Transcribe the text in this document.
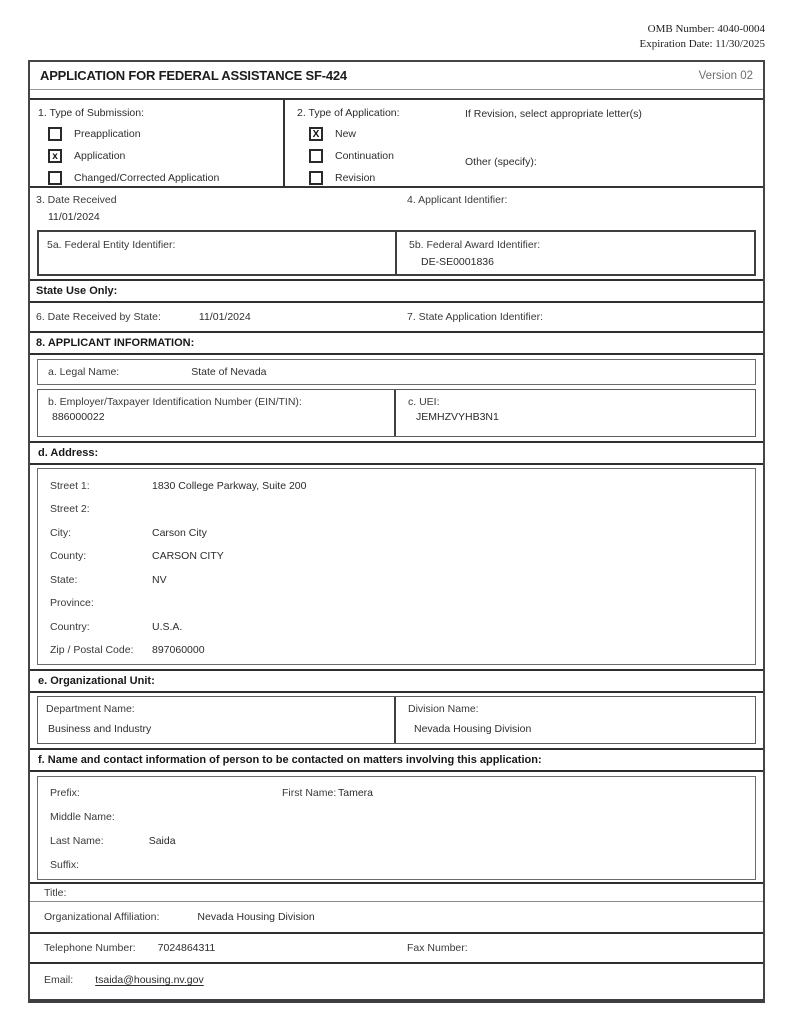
OMB Number: 4040-0004
Expiration Date: 11/30/2025
APPLICATION FOR FEDERAL ASSISTANCE SF-424	Version 02
1. Type of Submission:
Preapplication
x	Application
Changed/Corrected Application
2. Type of Application:
X	New
Continuation
Revision
If Revision, select appropriate letter(s)
Other (specify):
3. Date Received
11/01/2024
4. Applicant Identifier:
5a. Federal Entity Identifier:	5b. Federal Award Identifier:
DE-SE0001836
State Use Only:
6. Date Received by State:	11/01/2024	7. State Application Identifier:
8. APPLICANT INFORMATION:
a. Legal Name:	State of Nevada
b. Employer/Taxpayer Identification Number (EIN/TIN):
886000022
c. UEI:
JEMHZVYHB3N1
d. Address:
Street 1:	1830 College Parkway, Suite 200
Street 2:
City:	Carson City
County:	CARSON CITY
State:	NV
Province:
Country:	U.S.A.
Zip / Postal Code:	897060000
e. Organizational Unit:
Department Name:
Business and Industry
Division Name:
Nevada Housing Division
f. Name and contact information of person to be contacted on matters involving this application:
Prefix:	First Name: Tamera
Middle Name:
Last Name:	Saida
Suffix:
Title:
Organizational Affiliation:	Nevada Housing Division
Telephone Number: 7024864311	Fax Number:
Email: tsaida@housing.nv.gov
